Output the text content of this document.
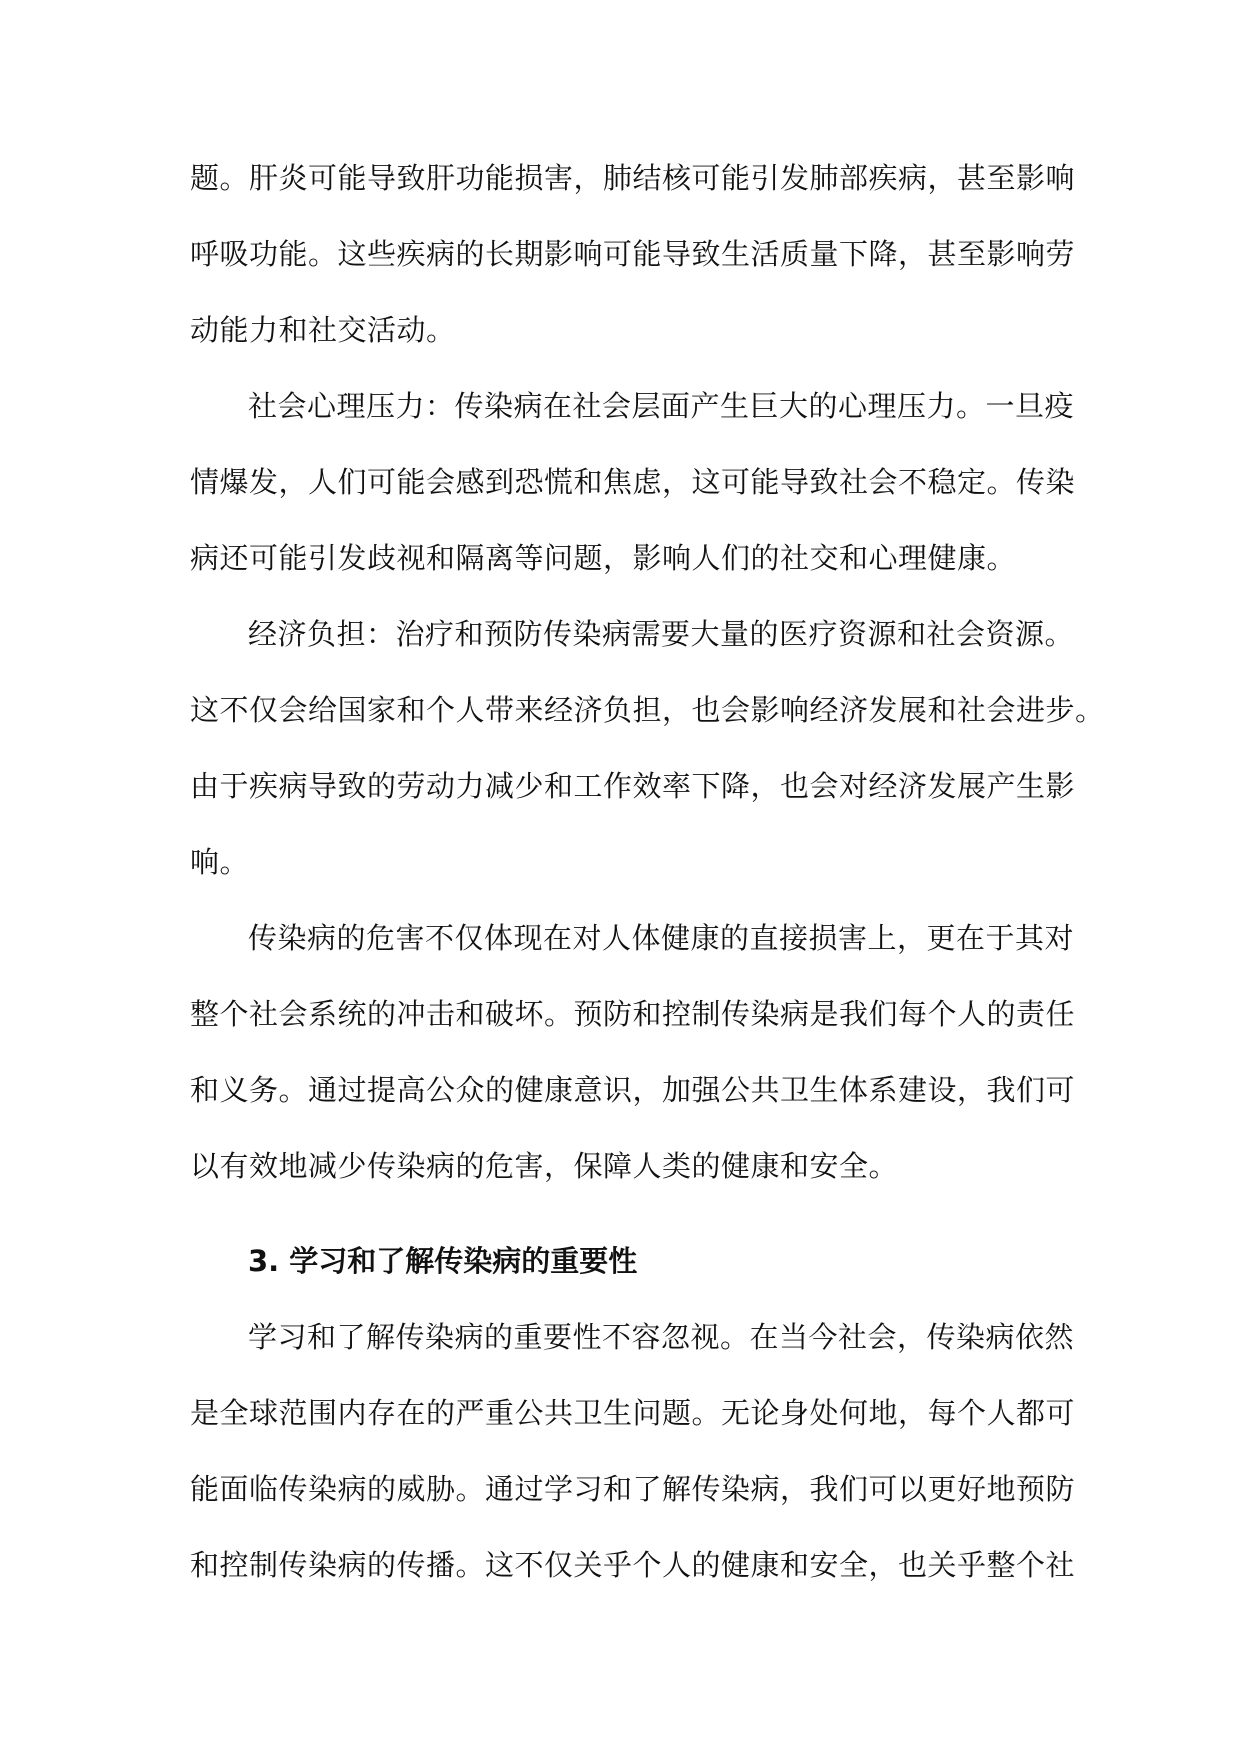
题。肝炎可能导致肝功能损害，肺结核可能引发肺部疾病，甚至影响
呼吸功能。这些疾病的长期影响可能导致生活质量下降，甚至影响劳
动能力和社交活动。
社会心理压力：传染病在社会层面产生巨大的心理压力。一旦疫
情爆发，人们可能会感到恐慌和焦虑，这可能导致社会不稳定。传染
病还可能引发歧视和隔离等问题，影响人们的社交和心理健康。
经济负担：治疗和预防传染病需要大量的医疗资源和社会资源。
这不仅会给国家和个人带来经济负担，也会影响经济发展和社会进步。
由于疾病导致的劳动力减少和工作效率下降，也会对经济发展产生影
响。
传染病的危害不仅体现在对人体健康的直接损害上，更在于其对
整个社会系统的冲击和破坏。预防和控制传染病是我们每个人的责任
和义务。通过提高公众的健康意识，加强公共卫生体系建设，我们可
以有效地减少传染病的危害，保障人类的健康和安全。
3. 学习和了解传染病的重要性
学习和了解传染病的重要性不容忽视。在当今社会，传染病依然
是全球范围内存在的严重公共卫生问题。无论身处何地，每个人都可
能面临传染病的威胁。通过学习和了解传染病，我们可以更好地预防
和控制传染病的传播。这不仅关乎个人的健康和安全，也关乎整个社
